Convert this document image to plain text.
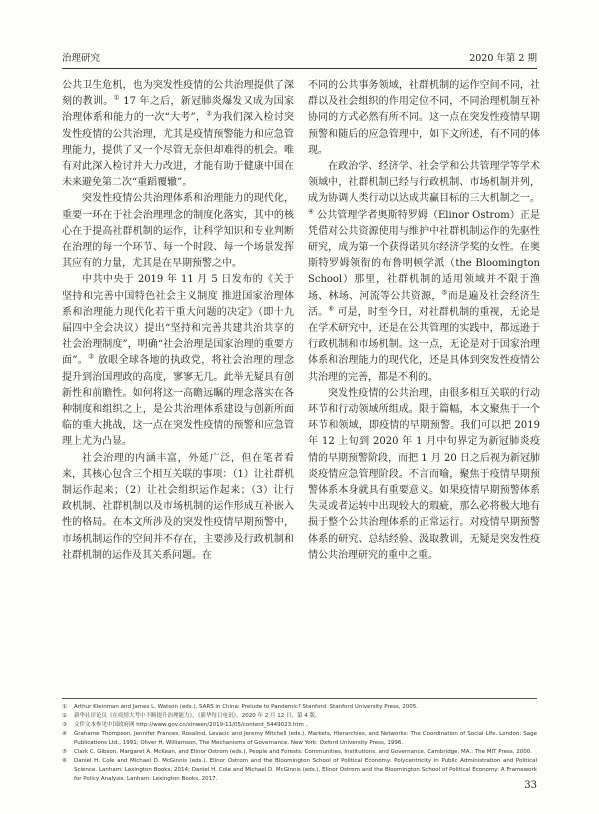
治理研究	2020 年第 2 期

公共卫生危机，也为突发性疫情的公共治理提供了深刻的教训。① 17 年之后，新冠肺炎爆发又成为国家治理体系和能力的一次“大考”，②为我们深入检讨突发性疫情的公共治理，尤其是疫情预警能力和应急管理能力，提供了又一个尽管无奈但却难得的机会。唯有对此深入检讨并大力改进，才能有助于健康中国在未来避免第二次“重蹈覆辙”。

突发性疫情公共治理体系和治理能力的现代化，重要一环在于社会治理理念的制度化落实，其中的核心在于提高社群机制的运作，让科学知识和专业判断在治理的每一个环节、每一个时段、每一个场景发挥其应有的力量，尤其是在早期预警之中。

中共中央于 2019 年 11 月 5 日发布的《关于坚持和完善中国特色社会主义制度 推进国家治理体系和治理能力现代化若干重大问题的决定》（即十九届四中全会决议）提出“坚持和完善共建共治共享的社会治理制度”，明确“社会治理是国家治理的重要方面”。③ 放眼全球各地的执政党，将社会治理的理念提升到治国理政的高度，寥寥无几。此举无疑具有创新性和前瞻性。如何将这一高瞻远瞩的理念落实在各种制度和组织之上，是公共治理体系建设与创新所面临的重大挑战，这一点在突发性疫情的预警和应急管理上尤为凸显。

社会治理的内涵丰富，外延广泛，但在笔者看来，其核心包含三个相互关联的事项：（1）让社群机制运作起来；（2）让社会组织运作起来；（3）让行政机制、社群机制以及市场机制的运作形成互补嵌入性的格局。在本文所涉及的突发性疫情早期预警中，市场机制运作的空间并不存在，主要涉及行政机制和社群机制的运作及其关系问题。在

不同的公共事务领域，社群机制的运作空间不同，社群以及社会组织的作用定位不同，不同治理机制互补协同的方式必然有所不同。这一点在突发性疫情早期预警和随后的应急管理中，如下文所述，有不同的体现。

在政治学、经济学、社会学和公共管理学等学术领域中，社群机制已经与行政机制、市场机制并列，成为协调人类行动以达成共赢目标的三大机制之一。④ 公共管理学者奥斯特罗姆（Elinor Ostrom）正是凭借对公共资源使用与维护中社群机制运作的先驱性研究，成为第一个获得诺贝尔经济学奖的女性。在奥斯特罗姆领衔的布鲁明顿学派（the Bloomington School）那里，社群机制的适用领域并不限于渔场、林场、河流等公共资源，⑤而是遍及社会经济生活。⑥ 可是，时至今日，对社群机制的重视，无论是在学术研究中，还是在公共管理的实践中，都远逊于行政机制和市场机制。这一点，无论是对于国家治理体系和治理能力的现代化，还是具体到突发性疫情公共治理的完善，都是不利的。

突发性疫情的公共治理，由很多相互关联的行动环节和行动领域所组成。限于篇幅，本文聚焦于一个环节和领域，即疫情的早期预警。我们可以把 2019 年 12 上旬到 2020 年 1 月中旬界定为新冠肺炎疫情的早期预警阶段，而把 1 月 20 日之后视为新冠肺炎疫情应急管理阶段。不言而喻，聚焦于疫情早期预警体系本身就具有重要意义。如果疫情早期预警体系失灵或者运转中出现较大的瑕疵，那么必将极大地有损于整个公共治理体系的正常运行。对疫情早期预警体系的研究、总结经验、汲取教训，无疑是突发性疫情公共治理研究的重中之重。

① Arthur Kleinman and James L. Watson (eds.), SARS in China: Prelude to Pandemic? Stanford: Stanford University Press, 2005.

② 新华社评论员《在疫情大考中不断提升治理能力》，《新华每日电讯》，2020 年 2 月 12 日，第 4 版。

③ 文件文本参见中国政府网 http://www.gov.cn/xinwen/2019-11/05/content_5449023.htm 。

④ Grahame Thompson, Jennifer Frances, Rosalind, Levacic and Jeremy Mitchell (eds.), Markets, Hierarchies, and Networks: The Coordination of Social Life. London: Sage Publications Ltd., 1991; Oliver H. Williamson, The Mechanisms of Governance. New York: Oxford University Press, 1996.

⑤ Clark C. Gibson, Margaret A. McKean, and Elinor Ostrom (eds.), People and Forests: Communities, Institutions, and Governance. Cambridge, MA.: The MIT Press, 2000.

⑥ Daniel H. Cole and Michael D. McGinnis (eds.), Elinor Ostrom and the Bloomington School of Political Economy: Polycentricity in Public Administration and Political Science. Lanham: Lexington Books, 2014; Daniel H. Cole and Michael D. McGinnis (eds.), Elinor Ostrom and the Bloomington School of Political Economy: A Framework for Policy Analysis. Lanham: Lexington Books, 2017.

33
